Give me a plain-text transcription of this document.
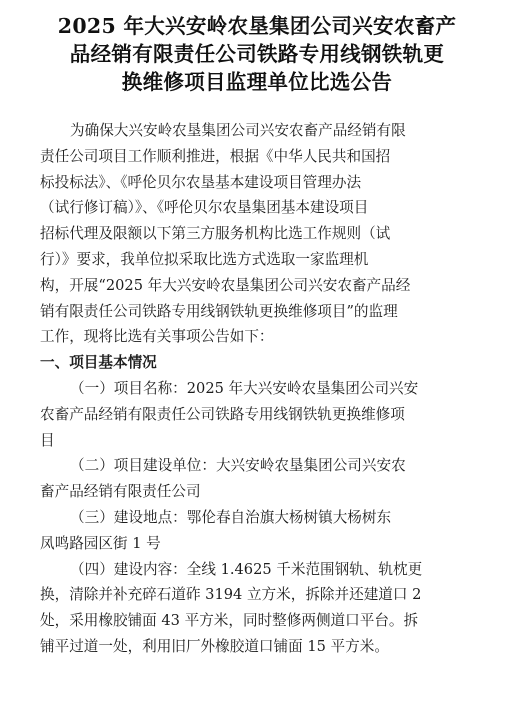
2025 年大兴安岭农垦集团公司兴安农畜产
品经销有限责任公司铁路专用线钢铁轨更
换维修项目监理单位比选公告

为确保大兴安岭农垦集团公司兴安农畜产品经销有限
责任公司项目工作顺利推进，根据《中华人民共和国招
标投标法》、《呼伦贝尔农垦基本建设项目管理办法
（试行修订稿）》、《呼伦贝尔农垦集团基本建设项目
招标代理及限额以下第三方服务机构比选工作规则（试
行）》要求，我单位拟采取比选方式选取一家监理机
构，开展“2025 年大兴安岭农垦集团公司兴安农畜产品经
销有限责任公司铁路专用线钢铁轨更换维修项目”的监理
工作，现将比选有关事项公告如下：

一、项目基本情况

（一）项目名称：2025 年大兴安岭农垦集团公司兴安
农畜产品经销有限责任公司铁路专用线钢铁轨更换维修项
目

（二）项目建设单位：大兴安岭农垦集团公司兴安农
畜产品经销有限责任公司

（三）建设地点：鄂伦春自治旗大杨树镇大杨树东
凤鸣路园区街 1 号

（四）建设内容：全线 1.4625 千米范围钢轨、轨枕更
换，清除并补充碎石道砟 3194 立方米，拆除并还建道口 2
处，采用橡胶铺面 43 平方米，同时整修两侧道口平台。拆
铺平过道一处，利用旧厂外橡胶道口铺面 15 平方米。
